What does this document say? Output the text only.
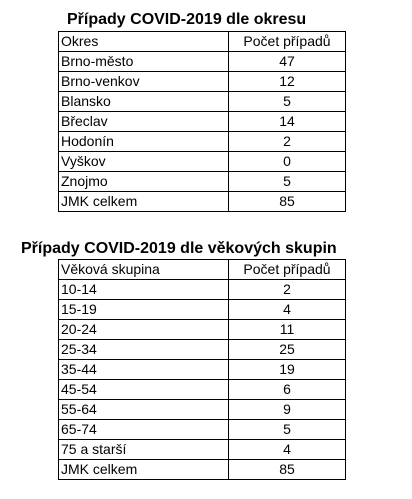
Případy COVID-2019 dle okresu
Okres	Počet případů
Brno-město	47
Brno-venkov	12
Blansko	5
Břeclav	14
Hodonín	2
Vyškov	0
Znojmo	5
JMK celkem	85
Případy COVID-2019 dle věkových skupin
Věková skupina	Počet případů
10-14	2
15-19	4
20-24	11
25-34	25
35-44	19
45-54	6
55-64	9
65-74	5
75 a starší	4
JMK celkem	85
